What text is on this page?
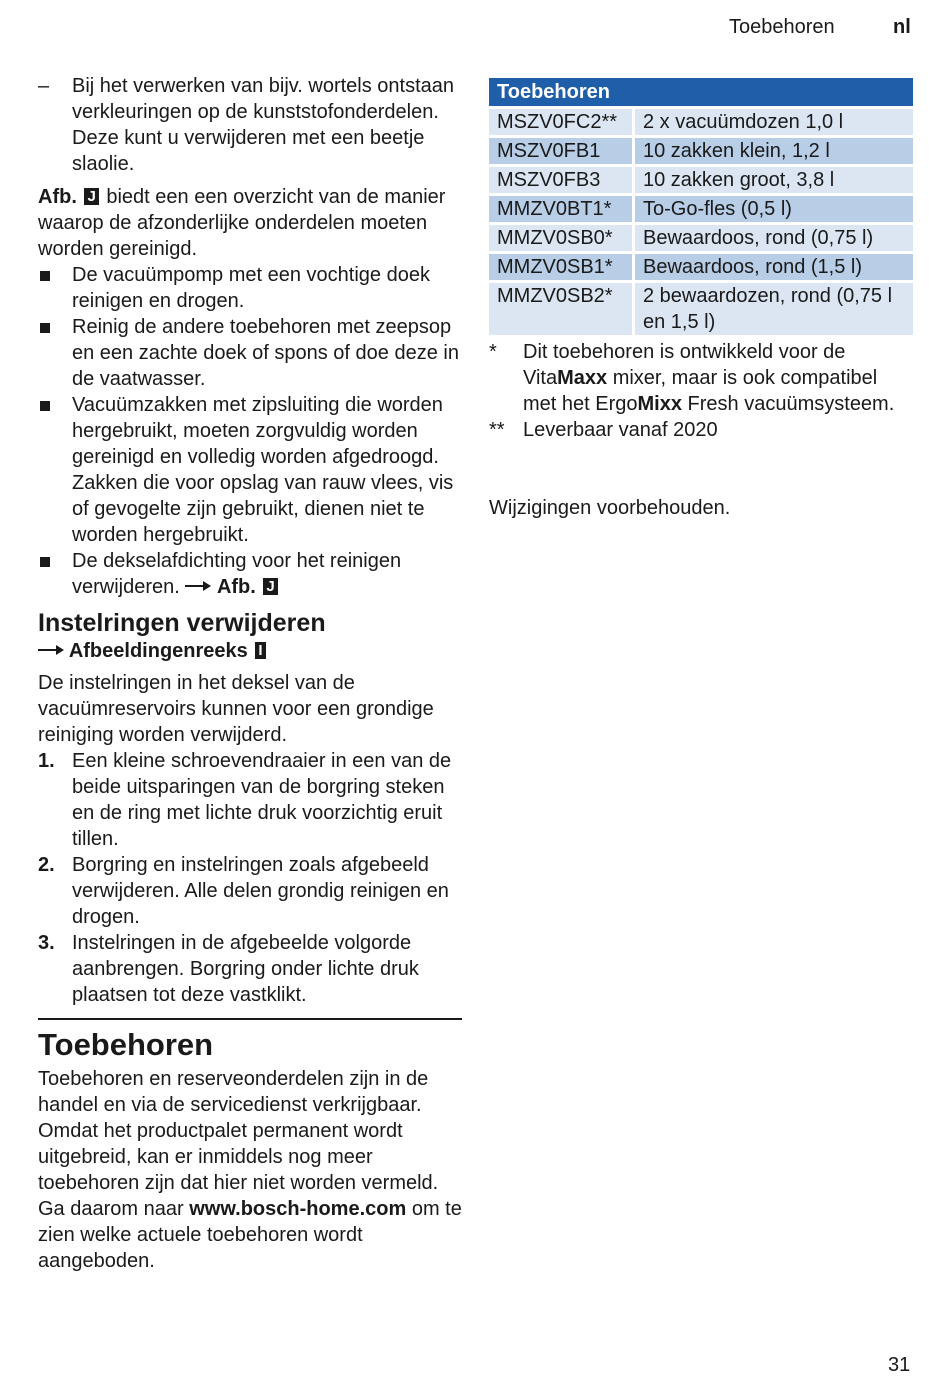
Toebehoren	nl
– Bij het verwerken van bijv. wortels ontstaan verkleuringen op de kunststofonderdelen. Deze kunt u verwijderen met een beetje slaolie.

Afb. J biedt een een overzicht van de manier waarop de afzonderlijke onderdelen moeten worden gereinigd.

De vacuümpomp met een vochtige doek reinigen en drogen.
Reinig de andere toebehoren met zeepsop en een zachte doek of spons of doe deze in de vaatwasser.
Vacuümzakken met zipsluiting die worden hergebruikt, moeten zorgvuldig worden gereinigd en volledig worden afgedroogd. Zakken die voor opslag van rauw vlees, vis of gevogelte zijn gebruikt, dienen niet te worden hergebruikt.
De dekselafdichting voor het reinigen verwijderen. Afb. J
Instelringen verwijderen
Afbeeldingenreeks I

De instelringen in het deksel van de vacuümreservoirs kunnen voor een grondige reiniging worden verwijderd.

1. Een kleine schroevendraaier in een van de beide uitsparingen van de borgring steken en de ring met lichte druk voorzichtig eruit tillen.
2. Borgring en instelringen zoals afgebeeld verwijderen. Alle delen grondig reinigen en drogen.
3. Instelringen in de afgebeelde volgorde aanbrengen. Borgring onder lichte druk plaatsen tot deze vastklikt.
Toebehoren

Toebehoren en reserveonderdelen zijn in de handel en via de servicedienst verkrijgbaar. Omdat het productpalet permanent wordt uitgebreid, kan er inmiddels nog meer toebehoren zijn dat hier niet worden vermeld. Ga daarom naar www.bosch-home.com om te zien welke actuele toebehoren wordt aangeboden.

Toebehoren	
MSZV0FC2**	2 x vacuümdozen 1,0 l
MSZV0FB1	10 zakken klein, 1,2 l
MSZV0FB3	10 zakken groot, 3,8 l
MMZV0BT1*	To-Go-fles (0,5 l)
MMZV0SB0*	Bewaardoos, rond (0,75 l)
MMZV0SB1*	Bewaardoos, rond (1,5 l)
MMZV0SB2*	2 bewaardozen, rond (0,75 l en 1,5 l)
* Dit toebehoren is ontwikkeld voor de VitaMaxx mixer, maar is ook compatibel met het ErgoMixx Fresh vacuümsysteem.
** Leverbaar vanaf 2020

Wijzigingen voorbehouden.

31
